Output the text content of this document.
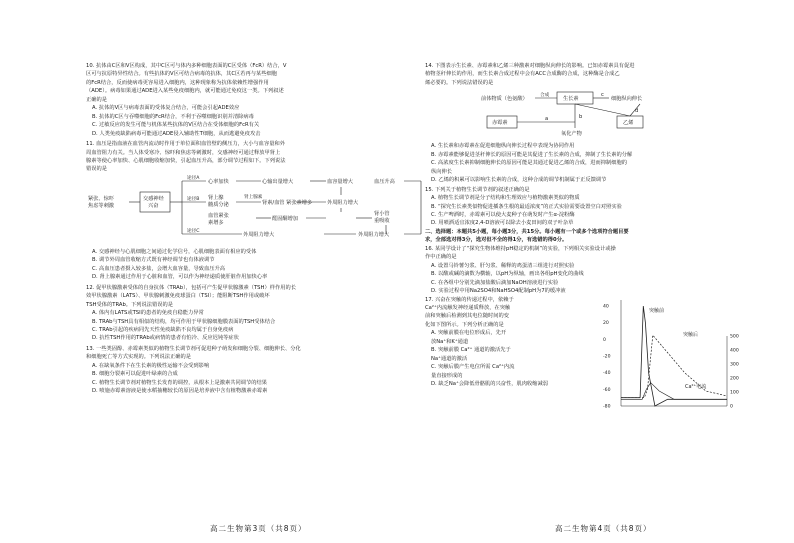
10. 抗体由C区和V区构成，其中C区可与体内多种细胞表面的C区受体（FcR）结合，V

区可与抗原特异性结合。有些抗体的V区可结合病毒的抗体，其C区若再与某些细胞

的FcR结合，反而使病毒更容易进入细胞内，这种现象称为抗体依赖性增强作用

（ADE）。病毒如果通过ADE进入某些免疫细胞内，就可能通过免疫这一类。下列叙述

正确的是

A. 抗体的V区与病毒表面的受体复合结合，可能会引起ADE效应

B. 抗体的C区与吞噬细胞的FcR结合，不利于吞噬细胞识别并清除病毒

C. 过敏反应的发生可能与机体某些抗体的V区结合在受体细胞的FcR有关

D. 人类免疫缺陷病毒可能通过ADE侵入辅助性T细胞，从而逃避免疫攻击

11. 血压是指血液在血管内流动时作用于单位面积血管壁的侧压力，大小与血容量和外

周血管阻力有关。当人体受寒冷、惊吓和焦虑等刺激时，交感神经可通过释放甲肾上

腺素等使心率加快、心肌细胞收缩加快，引起血压升高，部分调节过程如下。下列说法

错误的是

紧张、惊吓
焦虑等刺激
交感神经
兴奋
途径A
途径B
途径C
心率加快	心输出量增大	血容量增大
肾上腺
髓质分泌
肾上腺素
肾素/血管 紧张素增多
血管紧张
素增多
醛固酮增加
外周阻力增大
肾小管
重吸收
血压升高
外周阻力增大	外周阻力增大

A. 交感神经与心肌细胞之间通过化学信号，心肌细胞表面有相应的受体

B. 调节外周血管收缩方式既有神经调节也有体液调节

C. 高血压患者摄入较多盐，会增大血容量，导致血压升高

D. 肾上腺素通过作用于心脏和血管，可以作为神经递质使肝脏作用加快心率

12. 促甲状腺激素受体的自身抗体（TRAb），包括可产生促甲状腺激素（TSH）样作用的长

效甲状腺激素（LATS）、甲状腺刺激免疫球蛋白（TSI）；能阻断TSH作用或破坏

TSH受体的TRAb。下列说法错误的是

A. 体内有LATS或TSI的患者的免疫自稳能力异常

B. TRAb与TSH具有相似的结构，均可作用于甲状腺细胞膜表面的TSH受体结合

C. TRAb引起的疾病同先天性免疫缺陷不良均属于自身免疫病

D. 抗性TSH作用的TRAb或病情的患者有怕冷、反应迟钝等症状

13. 一些类固醇、赤霉素类似的植物生长调节剂可促进种子萌发和细胞分裂、细胞伸长、分化

和细胞死亡等方式实现的。下列说法正确的是

A. 在缺氧条件下在生长素的极性运输不会受到影响

B. 细胞分裂素可以促进叶绿素的合成

C. 植物生长调节剂对植物生长发育的调控，从根本上是激素共同调节的结果

D. 喷施赤霉素溶液是使水稻抽穗较长的原因是培养液中含有植物激素赤霉素

14. 下图表示生长素、赤霉素和乙烯三种激素对细胞纵向伸长的影响。已知赤霉素具有促进

植物茎秆伸长的作用，而生长素合成过程中会有ACC合成酶的合成，这种酶是合成乙

烯必要的。下列说法错误的是

前体物质（色氨酸）
合成
生长素	细胞纵向伸长
赤霉素	乙烯
氧化产物
a	b
c
d

A. 生长素和赤霉素在促进细胞纵向伸长过程中表现为协同作用

B. 赤霉素能够促进茎秆伸长的原因可能是其促进了生长素的合成，抑制了生长素的分解

C. 高浓度生长素抑制细胞伸长的原因可能是其通过促进乙烯的合成，进而抑制细胞的

纵向伸长

D. 乙烯的积累可以影响生长素的合成，这种合成的调节机制属于正反馈调节

15. 下列关于植物生长调节剂的叙述正确的是

A. 植物生长调节剂是分子结构和生理效应与植物激素类似的物质

B. “探究生长素类似物促进插条生根的最适浓度”的正式实验需要设置空白对照实验

C. 生产啤酒时，赤霉素可以使大麦种子在萌发时产生α-淀粉酶

D. 用喷洒适宜浓度2,4-D溶液可以除去小麦田间的双子叶杂草

二、选择题：本题共5小题，每小题3分，共15分。每小题有一个或多个选项符合题目要

求，全部选对得3分，选对但不全的得1分，有选错的得0分。

16. 某同学设计了“探究生物体维持pH稳定的机制”的实验，下列相关实验设计或操

作中正确的是

A. 设置马铃薯匀浆、肝匀浆、稀释的鸡蛋清三组进行对照实验

B. 以酸或碱的滴数为横轴，以pH为纵轴，画出各组pH变化的曲线

C. 在各组中分别先滴加盐酸后滴加NaOH溶液进行实验

D. 实验过程中用Na2SO4和NaHSO4配制pH为7的缓冲液

17. 兴奋在突触的传递过程中，依赖于

Ca²⁺内流触发神经递质释放，在突触

前和突触后检测到其电位随时间的变

化如下图所示。下列分析正确的是

A. 突触前膜在电位形成后，先开

放Na⁺和K⁺通道

B. 突触前膜 Ca²⁺ 通道的激活先于

Na⁺通道的激活

C. 突触后膜产生电位所需 Ca²⁺内流

量直接形成的

D. 缺乏Na⁺会降低骨骼肌的兴奋性，肌肉收缩减弱

40
20
0
-20
-40
-60
-80
500
400
300
200
100
0
突触前
突触后
Ca²⁺电流
高二生物第3页（共8页）	高二生物第4页（共8页）
